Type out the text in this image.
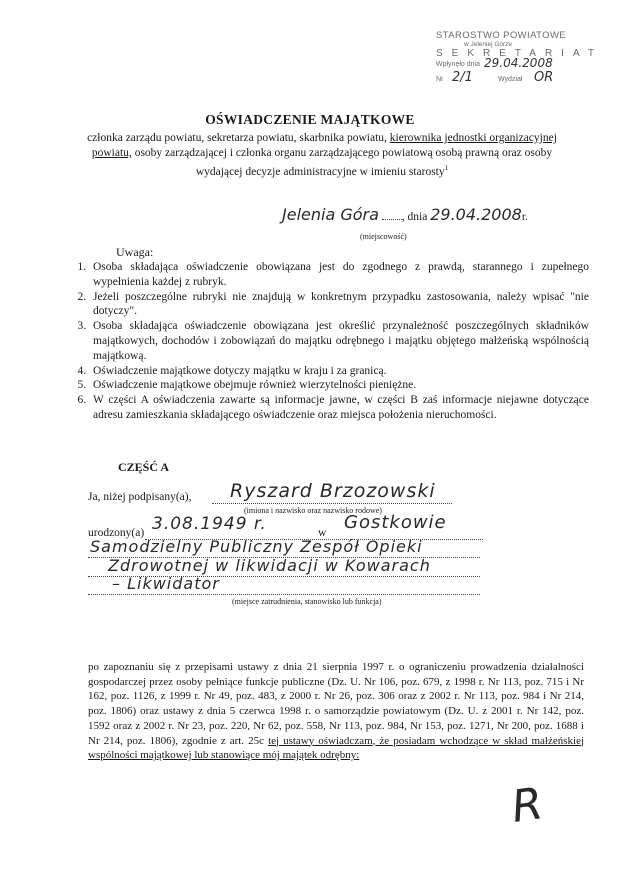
STAROSTWO POWIATOWE
w Jeleniej Górze
SEKRETARIAT
Wpłynęło dnia 29.04.2008
Nr 2/1	Wydział OR
OŚWIADCZENIE MAJĄTKOWE
członka zarządu powiatu, sekretarza powiatu, skarbnika powiatu, kierownika jednostki organizacyjnej powiatu, osoby zarządzającej i członka organu zarządzającego powiatową osobą prawną oraz osoby wydającej decyzje administracyjne w imieniu starosty$^1$
Jelenia Góra , dnia 29.04.2008r.
(miejscowość)
Uwaga:
1. Osoba składająca oświadczenie obowiązana jest do zgodnego z prawdą, starannego i zupełnego wypełnienia każdej z rubryk.
2. Jeżeli poszczególne rubryki nie znajdują w konkretnym przypadku zastosowania, należy wpisać "nie dotyczy".
3. Osoba składająca oświadczenie obowiązana jest określić przynależność poszczególnych składników majątkowych, dochodów i zobowiązań do majątku odrębnego i majątku objętego małżeńską wspólnością majątkową.
4. Oświadczenie majątkowe dotyczy majątku w kraju i za granicą.
5. Oświadczenie majątkowe obejmuje również wierzytelności pieniężne.
6. W części A oświadczenia zawarte są informacje jawne, w części B zaś informacje niejawne dotyczące adresu zamieszkania składającego oświadczenie oraz miejsca położenia nieruchomości.
CZĘŚĆ A
Ja, niżej podpisany(a), Ryszard Brzozowski
(imiona i nazwisko oraz nazwisko rodowe)
urodzony(a) 3.08.1949 r.	w Gostkowie
Samodzielny Publiczny Zespół Opieki
Zdrowotnej w likwidacji w Kowarach
– Likwidator
(miejsce zatrudnienia, stanowisko lub funkcja)
po zapoznaniu się z przepisami ustawy z dnia 21 sierpnia 1997 r. o ograniczeniu prowadzenia działalności gospodarczej przez osoby pełniące funkcje publiczne (Dz. U. Nr 106, poz. 679, z 1998 r. Nr 113, poz. 715 i Nr 162, poz. 1126, z 1999 r. Nr 49, poz. 483, z 2000 r. Nr 26, poz. 306 oraz z 2002 r. Nr 113, poz. 984 i Nr 214, poz. 1806) oraz ustawy z dnia 5 czerwca 1998 r. o samorządzie powiatowym (Dz. U. z 2001 r. Nr 142, poz. 1592 oraz z 2002 r. Nr 23, poz. 220, Nr 62, poz. 558, Nr 113, poz. 984, Nr 153, poz. 1271, Nr 200, poz. 1688 i Nr 214, poz. 1806), zgodnie z art. 25c tej ustawy oświadczam, że posiadam wchodzące w skład małżeńskiej wspólności majątkowej lub stanowiące mój majątek odrębny:
R
